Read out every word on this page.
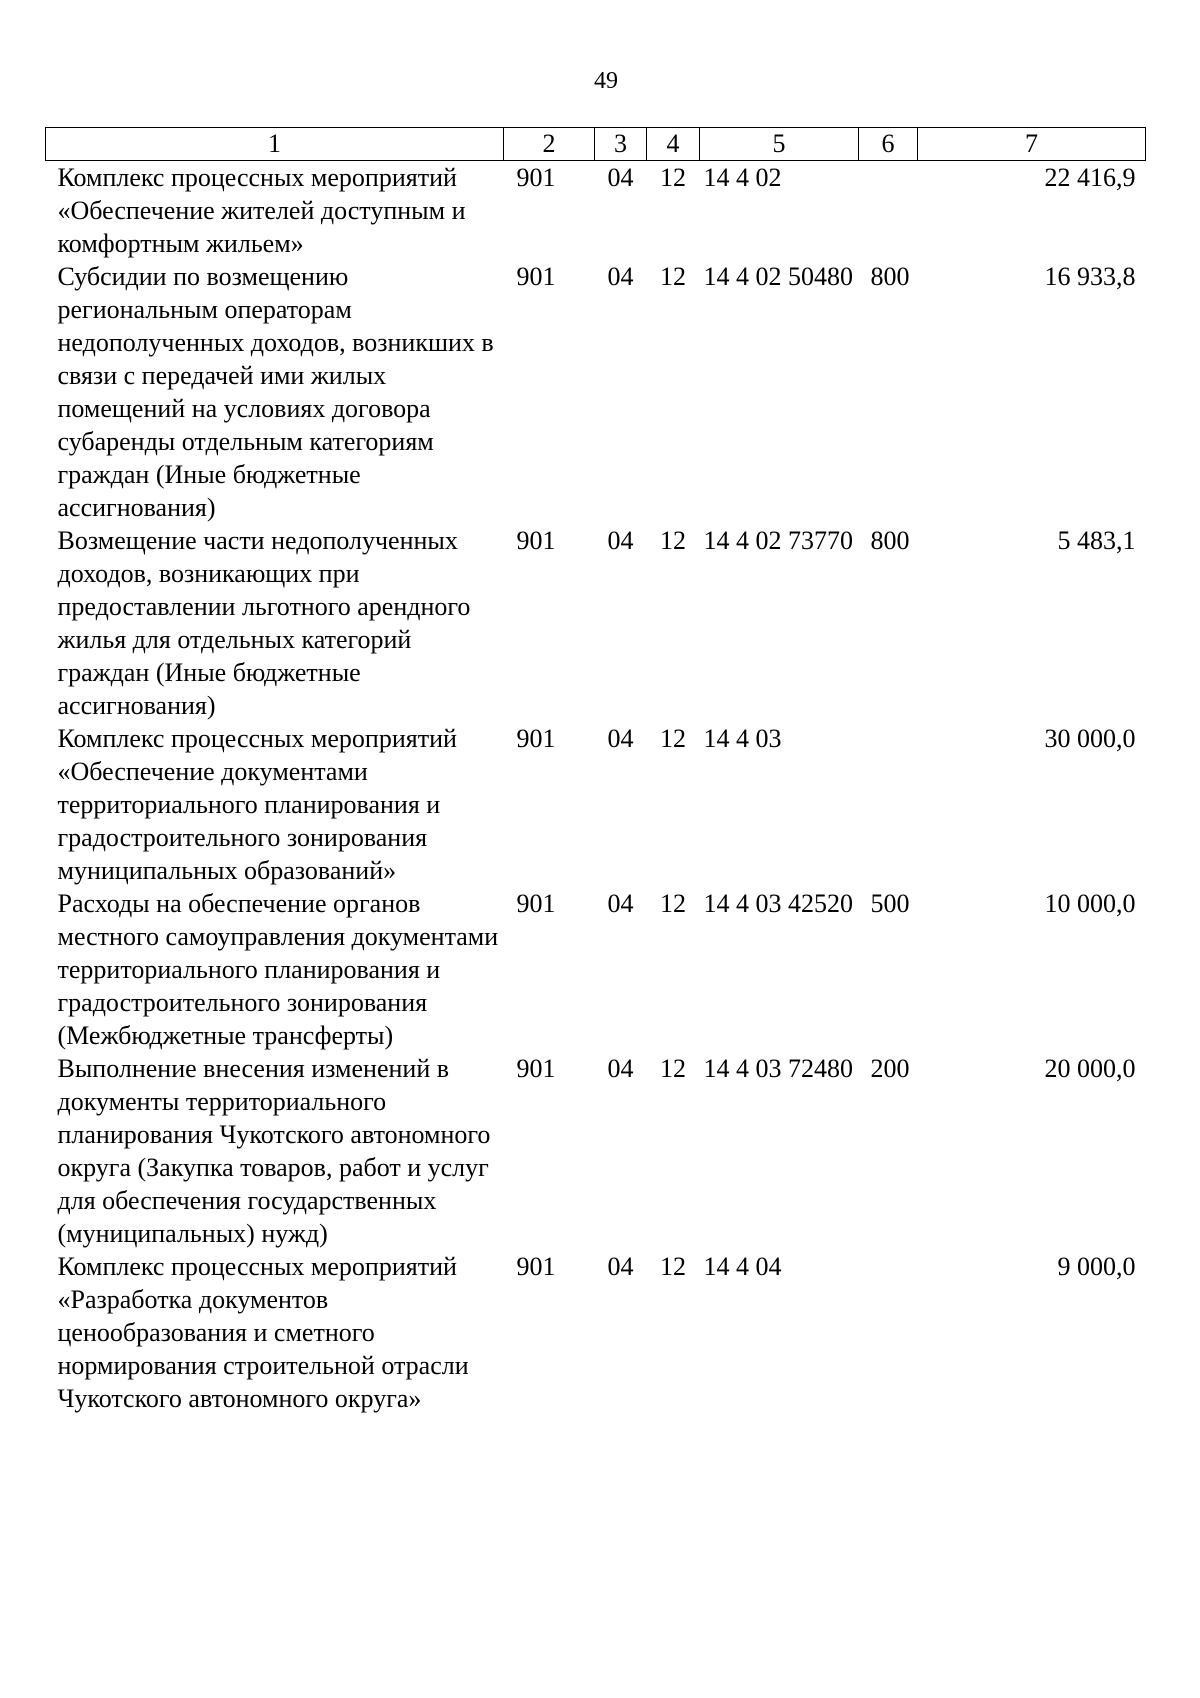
49
1	2	3	4	5	6	7
Комплекс процессных мероприятий «Обеспечение жителей доступным и комфортным жильем»	901	04	12	14 4 02		22 416,9
Субсидии по возмещению региональным операторам недополученных доходов, возникших в связи с передачей ими жилых помещений на условиях договора субаренды отдельным категориям граждан (Иные бюджетные ассигнования)	901	04	12	14 4 02 50480	800	16 933,8
Возмещение части недополученных доходов, возникающих при предоставлении льготного арендного жилья для отдельных категорий граждан (Иные бюджетные ассигнования)	901	04	12	14 4 02 73770	800	5 483,1
Комплекс процессных мероприятий «Обеспечение документами территориального планирования и градостроительного зонирования муниципальных образований»	901	04	12	14 4 03		30 000,0
Расходы на обеспечение органов местного самоуправления документами территориального планирования и градостроительного зонирования (Межбюджетные трансферты)	901	04	12	14 4 03 42520	500	10 000,0
Выполнение внесения изменений в документы территориального планирования Чукотского автономного округа (Закупка товаров, работ и услуг для обеспечения государственных (муниципальных) нужд)	901	04	12	14 4 03 72480	200	20 000,0
Комплекс процессных мероприятий «Разработка документов ценообразования и сметного нормирования строительной отрасли Чукотского автономного округа»	901	04	12	14 4 04		9 000,0
